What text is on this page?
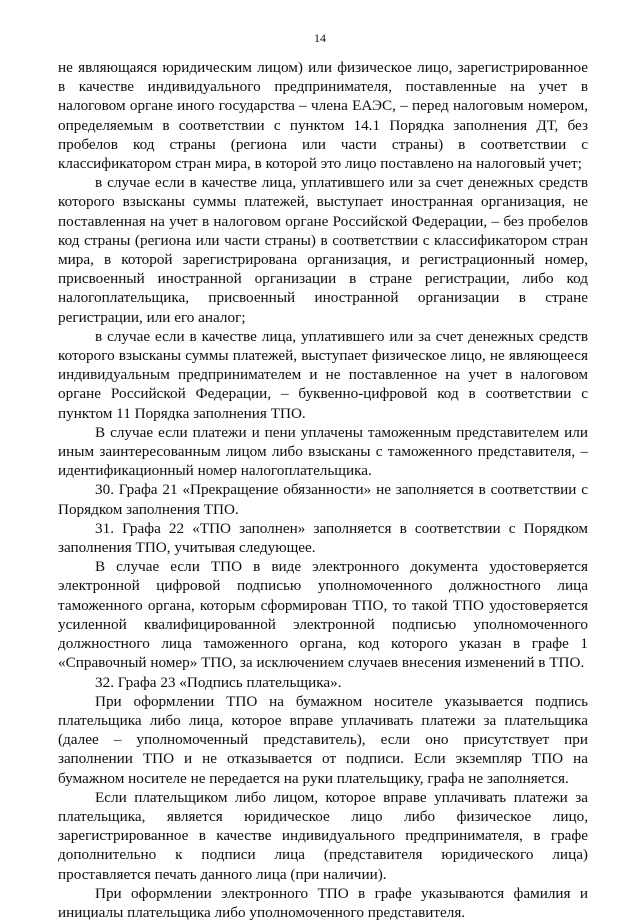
14

не являющаяся юридическим лицом) или физическое лицо, зарегистрированное в качестве индивидуального предпринимателя, поставленные на учет в налоговом органе иного государства – члена ЕАЭС, – перед налоговым номером, определяемым в соответствии с пунктом 14.1 Порядка заполнения ДТ, без пробелов код страны (региона или части страны) в соответствии с классификатором стран мира, в которой это лицо поставлено на налоговый учет;

в случае если в качестве лица, уплатившего или за счет денежных средств которого взысканы суммы платежей, выступает иностранная организация, не поставленная на учет в налоговом органе Российской Федерации, – без пробелов код страны (региона или части страны) в соответствии с классификатором стран мира, в которой зарегистрирована организация, и регистрационный номер, присвоенный иностранной организации в стране регистрации, либо код налогоплательщика, присвоенный иностранной организации в стране регистрации, или его аналог;

в случае если в качестве лица, уплатившего или за счет денежных средств которого взысканы суммы платежей, выступает физическое лицо, не являющееся индивидуальным предпринимателем и не поставленное на учет в налоговом органе Российской Федерации, – буквенно-цифровой код в соответствии с пунктом 11 Порядка заполнения ТПО.

В случае если платежи и пени уплачены таможенным представителем или иным заинтересованным лицом либо взысканы с таможенного представителя, – идентификационный номер налогоплательщика.

30. Графа 21 «Прекращение обязанности» не заполняется в соответствии с Порядком заполнения ТПО.

31. Графа 22 «ТПО заполнен» заполняется в соответствии с Порядком заполнения ТПО, учитывая следующее.

В случае если ТПО в виде электронного документа удостоверяется электронной цифровой подписью уполномоченного должностного лица таможенного органа, которым сформирован ТПО, то такой ТПО удостоверяется усиленной квалифицированной электронной подписью уполномоченного должностного лица таможенного органа, код которого указан в графе 1 «Справочный номер» ТПО, за исключением случаев внесения изменений в ТПО.

32. Графа 23 «Подпись плательщика».

При оформлении ТПО на бумажном носителе указывается подпись плательщика либо лица, которое вправе уплачивать платежи за плательщика (далее – уполномоченный представитель), если оно присутствует при заполнении ТПО и не отказывается от подписи. Если экземпляр ТПО на бумажном носителе не передается на руки плательщику, графа не заполняется.

Если плательщиком либо лицом, которое вправе уплачивать платежи за плательщика, является юридическое лицо либо физическое лицо, зарегистрированное в качестве индивидуального предпринимателя, в графе дополнительно к подписи лица (представителя юридического лица) проставляется печать данного лица (при наличии).

При оформлении электронного ТПО в графе указываются фамилия и инициалы плательщика либо уполномоченного представителя.
